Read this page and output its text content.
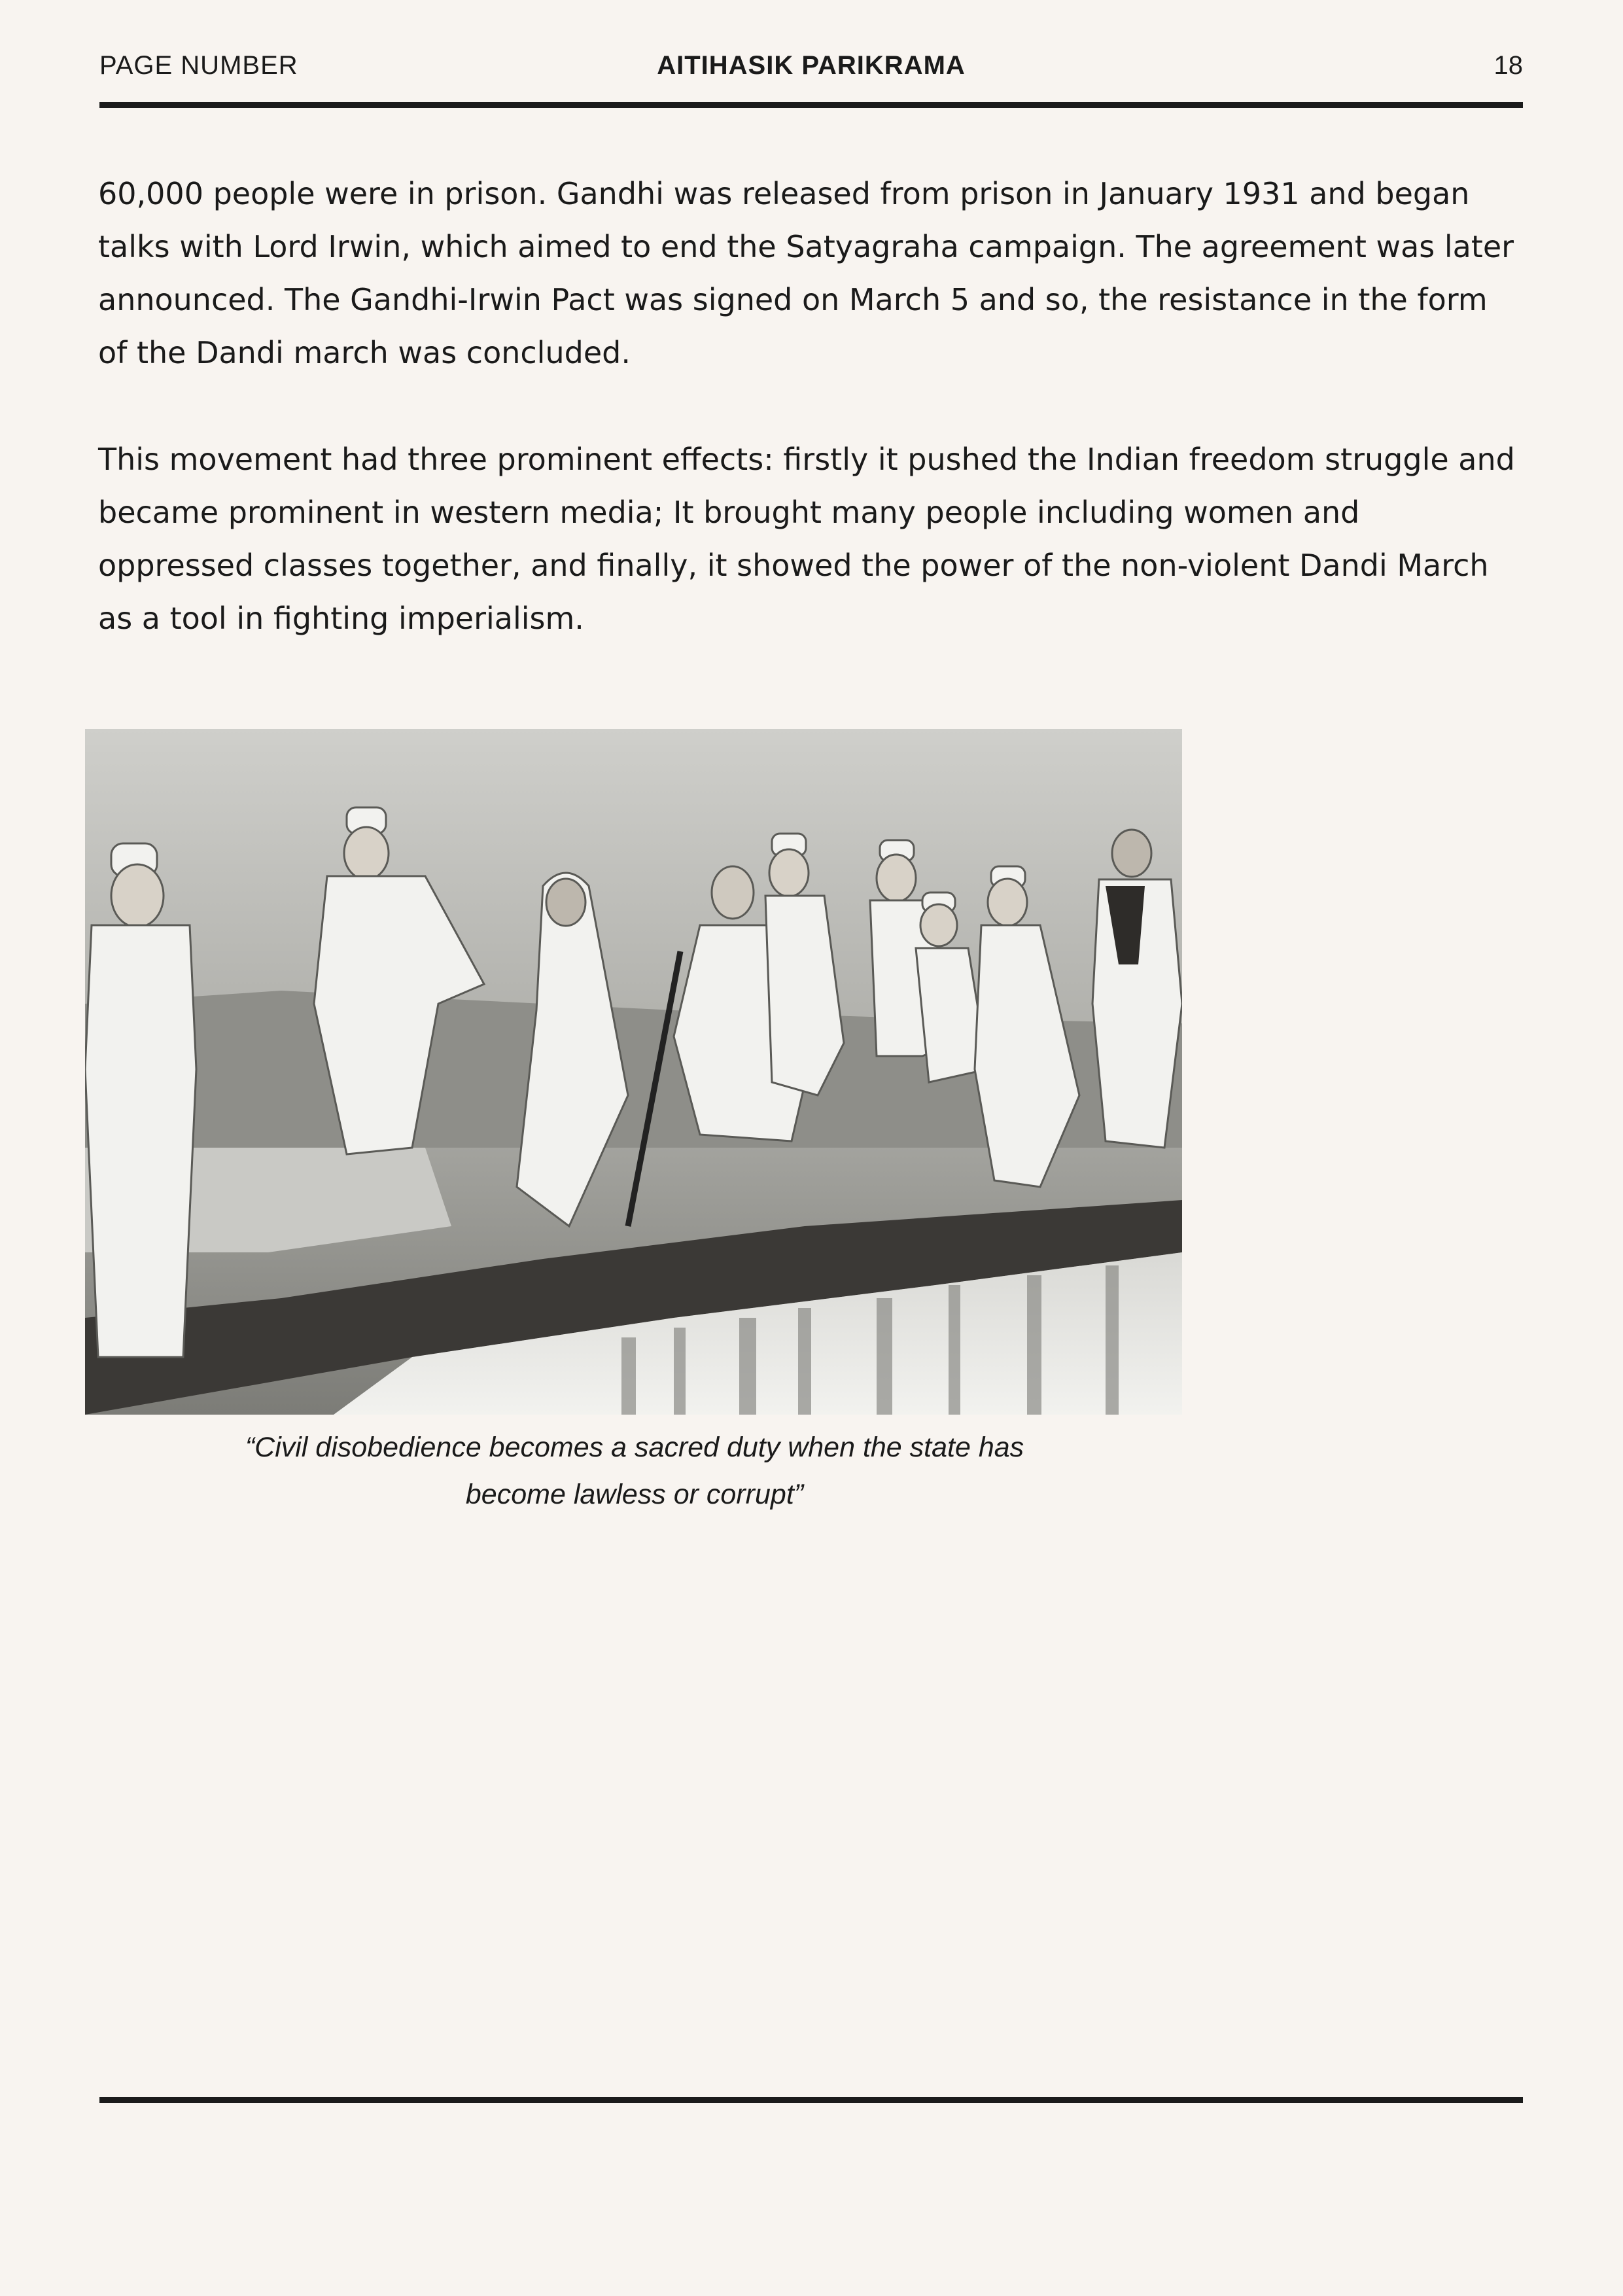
PAGE NUMBER	AITIHASIK PARIKRAMA	18

60,000 people were in prison. Gandhi was released from prison in January 1931 and began talks with Lord Irwin, which aimed to end the Satyagraha campaign. The agreement was later announced. The Gandhi-Irwin Pact was signed on March 5 and so, the resistance in the form of the Dandi march was concluded.

This movement had three prominent effects: firstly it pushed the Indian freedom struggle and became prominent in western media; It brought many people including women and oppressed classes together, and finally, it showed the power of the non-violent Dandi March as a tool in fighting imperialism.

“Civil disobedience becomes a sacred duty when the state has become lawless or corrupt”
